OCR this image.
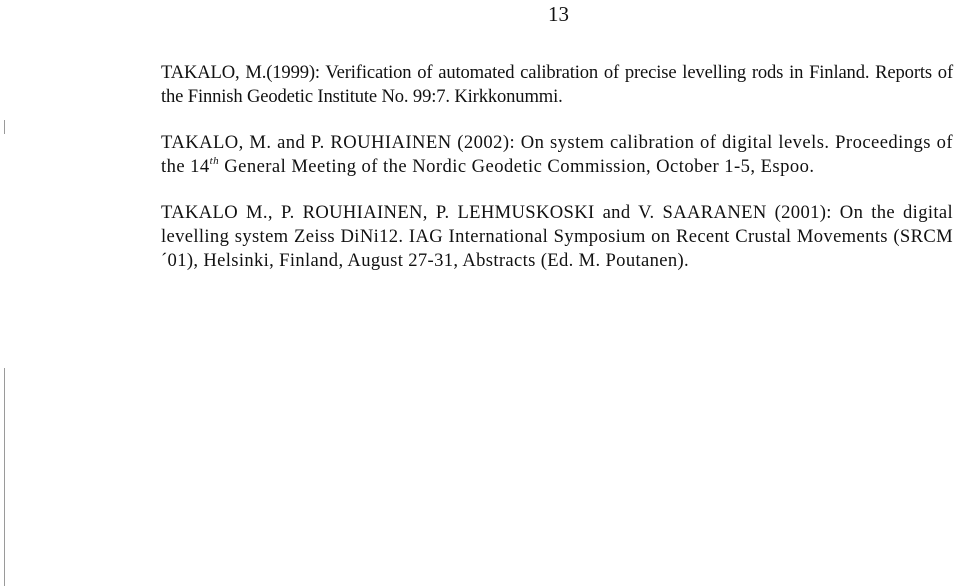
13

TAKALO, M.(1999): Verification of automated calibration of precise levelling rods in Finland. Reports of the Finnish Geodetic Institute No. 99:7. Kirkkonummi.

TAKALO, M. and P. ROUHIAINEN (2002): On system calibration of digital levels. Proceedings of the 14th General Meeting of the Nordic Geodetic Commission, October 1-5, Espoo.

TAKALO M., P. ROUHIAINEN, P. LEHMUSKOSKI and V. SAARANEN (2001): On the digital levelling system Zeiss DiNi12. IAG International Symposium on Recent Crustal Movements (SRCM´01), Helsinki, Finland, August 27-31, Abstracts (Ed. M. Poutanen).
